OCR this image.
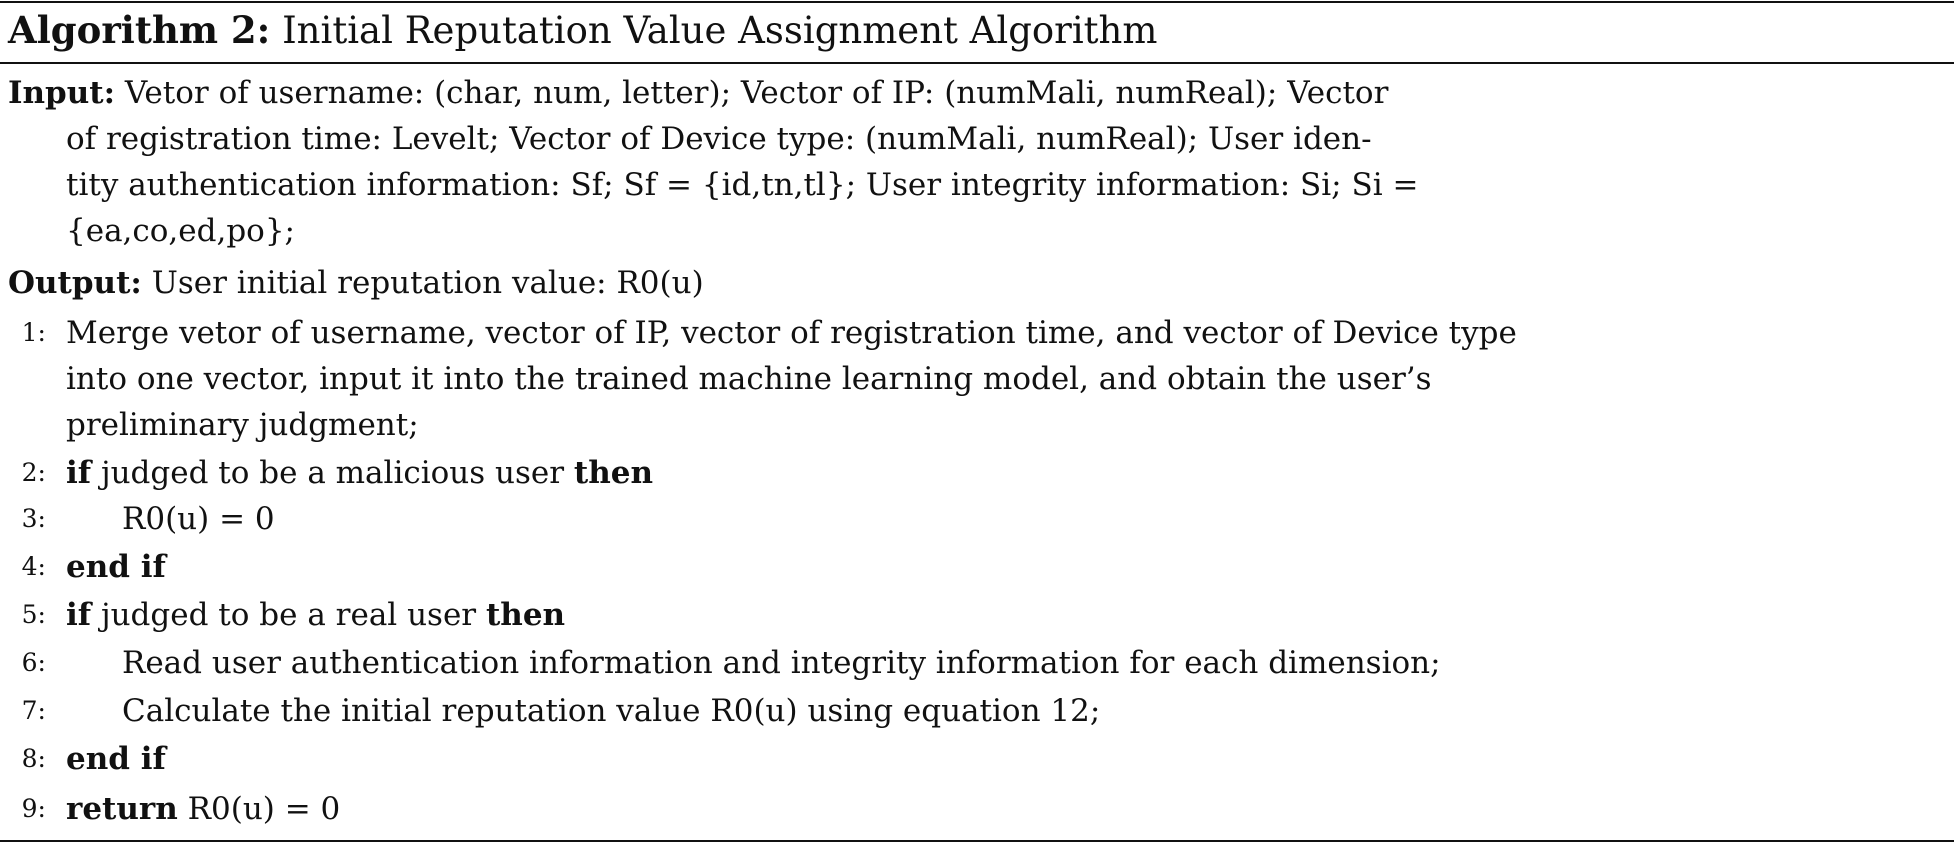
Algorithm 2: Initial Reputation Value Assignment Algorithm
Input: Vetor of username: (char, num, letter); Vector of IP: (numMali, numReal); Vector
of registration time: Levelt; Vector of Device type: (numMali, numReal); User iden-
tity authentication information: Sf; Sf = {id,tn,tl}; User integrity information: Si; Si =
{ea,co,ed,po};
Output: User initial reputation value: R0(u)
1: Merge vetor of username, vector of IP, vector of registration time, and vector of Device type
into one vector, input it into the trained machine learning model, and obtain the user’s
preliminary judgment;
2: if judged to be a malicious user then
3: R0(u) = 0
4: end if
5: if judged to be a real user then
6: Read user authentication information and integrity information for each dimension;
7: Calculate the initial reputation value R0(u) using equation 12;
8: end if
9: return R0(u) = 0
